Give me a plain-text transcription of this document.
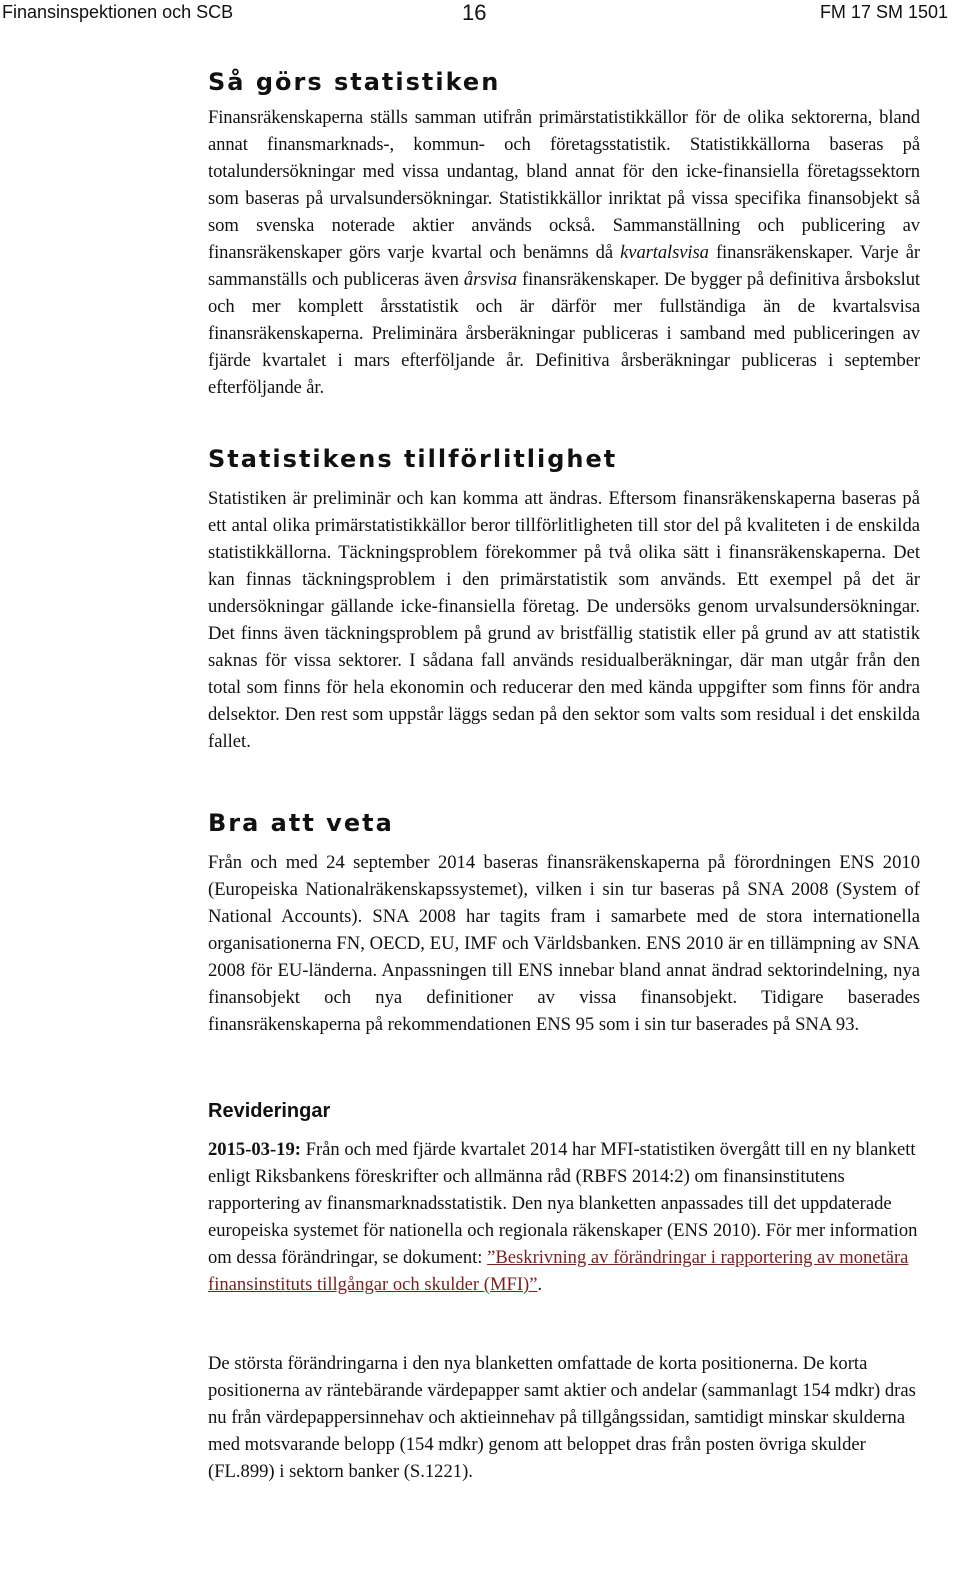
Finansinspektionen och SCB	16	FM 17 SM 1501
Så görs statistiken

Finansräkenskaperna ställs samman utifrån primärstatistikkällor för de olika sektorerna, bland annat finansmarknads-, kommun- och företagsstatistik. Statistikkällorna baseras på totalundersökningar med vissa undantag, bland annat för den icke-finansiella företagssektorn som baseras på urvalsundersökningar. Statistikkällor inriktat på vissa specifika finansobjekt så som svenska noterade aktier används också. Sammanställning och publicering av finansräkenskaper görs varje kvartal och benämns då kvartalsvisa finansräkenskaper. Varje år sammanställs och publiceras även årsvisa finansräkenskaper. De bygger på definitiva årsbokslut och mer komplett årsstatistik och är därför mer fullständiga än de kvartalsvisa finansräkenskaperna. Preliminära årsberäkningar publiceras i samband med publiceringen av fjärde kvartalet i mars efterföljande år. Definitiva årsberäkningar publiceras i september efterföljande år.

Statistikens tillförlitlighet

Statistiken är preliminär och kan komma att ändras. Eftersom finansräkenskaperna baseras på ett antal olika primärstatistikkällor beror tillförlitligheten till stor del på kvaliteten i de enskilda statistikkällorna. Täckningsproblem förekommer på två olika sätt i finansräkenskaperna. Det kan finnas täckningsproblem i den primärstatistik som används. Ett exempel på det är undersökningar gällande icke-finansiella företag. De undersöks genom urvalsundersökningar. Det finns även täckningsproblem på grund av bristfällig statistik eller på grund av att statistik saknas för vissa sektorer. I sådana fall används residualberäkningar, där man utgår från den total som finns för hela ekonomin och reducerar den med kända uppgifter som finns för andra delsektor. Den rest som uppstår läggs sedan på den sektor som valts som residual i det enskilda fallet.

Bra att veta

Från och med 24 september 2014 baseras finansräkenskaperna på förordningen ENS 2010 (Europeiska Nationalräkenskapssystemet), vilken i sin tur baseras på SNA 2008 (System of National Accounts). SNA 2008 har tagits fram i samarbete med de stora internationella organisationerna FN, OECD, EU, IMF och Världsbanken. ENS 2010 är en tillämpning av SNA 2008 för EU-länderna. Anpassningen till ENS innebar bland annat ändrad sektorindelning, nya finansobjekt och nya definitioner av vissa finansobjekt. Tidigare baserades finansräkenskaperna på rekommendationen ENS 95 som i sin tur baserades på SNA 93.

Revideringar

2015-03-19: Från och med fjärde kvartalet 2014 har MFI-statistiken övergått till en ny blankett enligt Riksbankens föreskrifter och allmänna råd (RBFS 2014:2) om finansinstitutens rapportering av finansmarknadsstatistik. Den nya blanketten anpassades till det uppdaterade europeiska systemet för nationella och regionala räkenskaper (ENS 2010). För mer information om dessa förändringar, se dokument: ”Beskrivning av förändringar i rapportering av monetära finansinstituts tillgångar och skulder (MFI)”.

De största förändringarna i den nya blanketten omfattade de korta positionerna. De korta positionerna av räntebärande värdepapper samt aktier och andelar (sammanlagt 154 mdkr) dras nu från värdepappersinnehav och aktieinnehav på tillgångssidan, samtidigt minskar skulderna med motsvarande belopp (154 mdkr) genom att beloppet dras från posten övriga skulder (FL.899) i sektorn banker (S.1221).
